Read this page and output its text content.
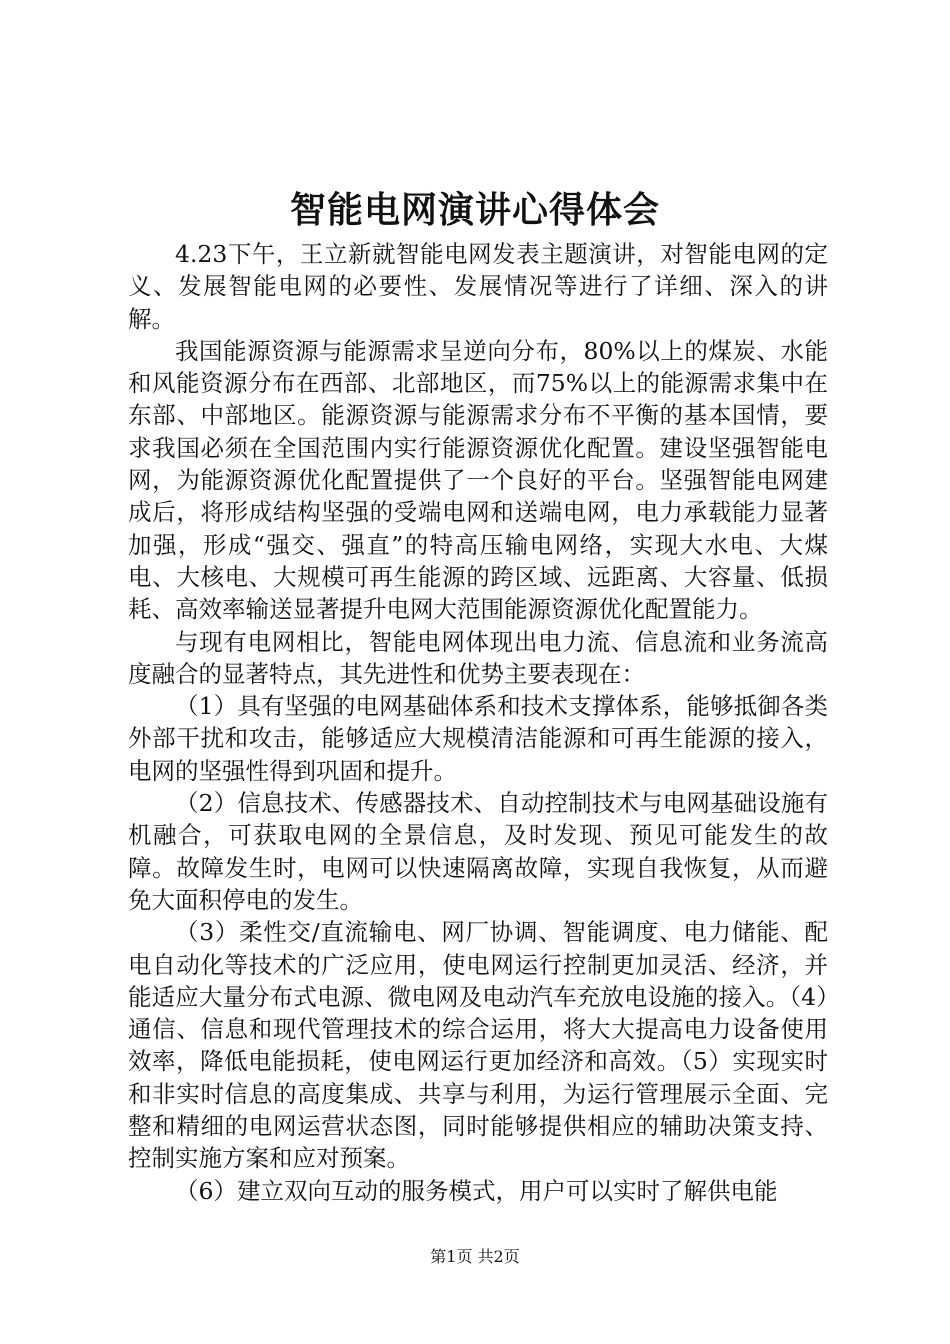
智能电网演讲心得体会

4.23下午，王立新就智能电网发表主题演讲，对智能电网的定义、发展智能电网的必要性、发展情况等进行了详细、深入的讲解。

我国能源资源与能源需求呈逆向分布，80%以上的煤炭、水能和风能资源分布在西部、北部地区，而75%以上的能源需求集中在东部、中部地区。能源资源与能源需求分布不平衡的基本国情，要求我国必须在全国范围内实行能源资源优化配置。建设坚强智能电网，为能源资源优化配置提供了一个良好的平台。坚强智能电网建成后，将形成结构坚强的受端电网和送端电网，电力承载能力显著加强，形成“强交、强直”的特高压输电网络，实现大水电、大煤电、大核电、大规模可再生能源的跨区域、远距离、大容量、低损耗、高效率输送显著提升电网大范围能源资源优化配置能力。

与现有电网相比，智能电网体现出电力流、信息流和业务流高度融合的显著特点，其先进性和优势主要表现在：

（1）具有坚强的电网基础体系和技术支撑体系，能够抵御各类外部干扰和攻击，能够适应大规模清洁能源和可再生能源的接入，电网的坚强性得到巩固和提升。

（2）信息技术、传感器技术、自动控制技术与电网基础设施有机融合，可获取电网的全景信息，及时发现、预见可能发生的故障。故障发生时，电网可以快速隔离故障，实现自我恢复，从而避免大面积停电的发生。

（3）柔性交/直流输电、网厂协调、智能调度、电力储能、配电自动化等技术的广泛应用，使电网运行控制更加灵活、经济，并能适应大量分布式电源、微电网及电动汽车充放电设施的接入。（4）通信、信息和现代管理技术的综合运用，将大大提高电力设备使用效率，降低电能损耗，使电网运行更加经济和高效。（5）实现实时和非实时信息的高度集成、共享与利用，为运行管理展示全面、完整和精细的电网运营状态图，同时能够提供相应的辅助决策支持、控制实施方案和应对预案。

（6）建立双向互动的服务模式，用户可以实时了解供电能

第1页 共2页
